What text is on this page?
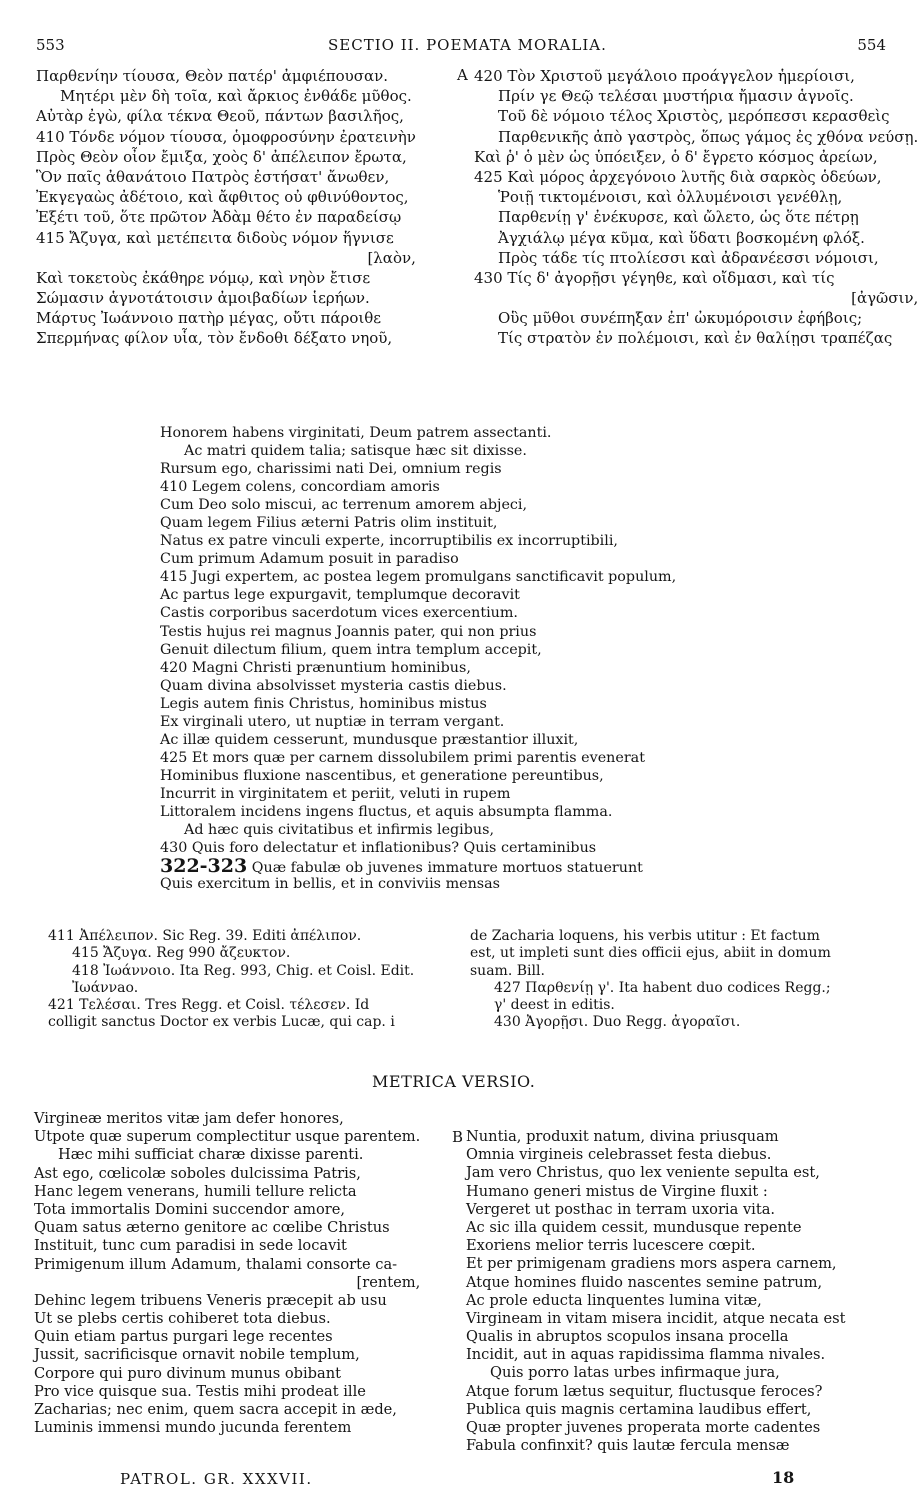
553	SECTIO II. POEMATA MORALIA.	554
Παρθενίην τίουσα, Θεὸν πατέρ' ἀμφιέπουσαν.
Μητέρι μὲν δὴ τοῖα, καὶ ἄρκιος ἐνθάδε μῦθος.
Αὐτὰρ ἐγὼ, φίλα τέκνα Θεοῦ, πάντων βασιλῆος,
410 Τόνδε νόμον τίουσα, ὁμοφροσύνην ἐρατεινὴν
Πρὸς Θεὸν οἶον ἔμιξα, χοὸς δ' ἀπέλειπον ἔρωτα,
Ὃν παῖς ἀθανάτοιο Πατρὸς ἐστήσατ' ἄνωθεν,
Ἐκγεγαὼς ἀδέτοιο, καὶ ἄφθιτος οὐ φθινύθοντος,
Ἐξέτι τοῦ, ὅτε πρῶτον Ἀδὰμ θέτο ἐν παραδείσῳ
415 Ἄζυγα, καὶ μετέπειτα διδοὺς νόμον ἥγνισε
[λαὸν,
Καὶ τοκετοὺς ἐκάθηρε νόμῳ, καὶ νηὸν ἔτισε
Σώμασιν ἁγνοτάτοισιν ἀμοιβαδίων ἱερήων.
Μάρτυς Ἰωάννοιο πατὴρ μέγας, οὔτι πάροιθε
Σπερμήνας φίλον υἷα, τὸν ἔνδοθι δέξατο νηοῦ,
A 420 Τὸν Χριστοῦ μεγάλοιο προάγγελον ἡμερίοισι,
Πρίν γε Θεῷ τελέσαι μυστήρια ἤμασιν ἁγνοῖς.
Τοῦ δὲ νόμοιο τέλος Χριστὸς, μερόπεσσι κερασθεὶς
Παρθενικῆς ἀπὸ γαστρὸς, ὅπως γάμος ἐς χθόνα νεύσῃ.
Καὶ ῥ' ὁ μὲν ὡς ὑπόειξεν, ὁ δ' ἔγρετο κόσμος ἀρείων,
425 Καὶ μόρος ἀρχεγόνοιο λυτῆς διὰ σαρκὸς ὁδεύων,
Ῥοιῇ τικτομένοισι, καὶ ὀλλυμένοισι γενέθλῃ,
Παρθενίῃ γ' ἐνέκυρσε, καὶ ὤλετο, ὡς ὅτε πέτρῃ
Ἀγχιάλῳ μέγα κῦμα, καὶ ὕδατι βοσκομένη φλόξ.
Πρὸς τάδε τίς πτολίεσσι καὶ ἀδρανέεσσι νόμοισι,
430 Τίς δ' ἀγορῇσι γέγηθε, καὶ οἴδμασι, καὶ τίς
[ἀγῶσιν,
Οὓς μῦθοι συνέπηξαν ἐπ' ὠκυμόροισιν ἐφήβοις;
Τίς στρατὸν ἐν πολέμοισι, καὶ ἐν θαλίῃσι τραπέζας
Honorem habens virginitati, Deum patrem assectanti.
Ac matri quidem talia; satisque hæc sit dixisse.
Rursum ego, charissimi nati Dei, omnium regis
410 Legem colens, concordiam amoris
Cum Deo solo miscui, ac terrenum amorem abjeci,
Quam legem Filius æterni Patris olim instituit,
Natus ex patre vinculi experte, incorruptibilis ex incorruptibili,
Cum primum Adamum posuit in paradiso
415 Jugi expertem, ac postea legem promulgans sanctificavit populum,
Ac partus lege expurgavit, templumque decoravit
Castis corporibus sacerdotum vices exercentium.
Testis hujus rei magnus Joannis pater, qui non prius
Genuit dilectum filium, quem intra templum accepit,
420 Magni Christi prænuntium hominibus,
Quam divina absolvisset mysteria castis diebus.
Legis autem finis Christus, hominibus mistus
Ex virginali utero, ut nuptiæ in terram vergant.
Ac illæ quidem cesserunt, mundusque præstantior illuxit,
425 Et mors quæ per carnem dissolubilem primi parentis evenerat
Hominibus fluxione nascentibus, et generatione pereuntibus,
Incurrit in virginitatem et periit, veluti in rupem
Littoralem incidens ingens fluctus, et aquis absumpta flamma.
Ad hæc quis civitatibus et infirmis legibus,
430 Quis foro delectatur et inflationibus? Quis certaminibus
322-323 Quæ fabulæ ob juvenes immature mortuos statuerunt
Quis exercitum in bellis, et in conviviis mensas
411 Ἀπέλειπον. Sic Reg. 39. Editi ἀπέλιπον.
415 Ἄζυγα. Reg 990 ἄζευκτον.
418 Ἰωάννοιο. Ita Reg. 993, Chig. et Coisl. Edit.
Ἰωάννao.
421 Τελέσαι. Tres Regg. et Coisl. τέλεσεν. Id
colligit sanctus Doctor ex verbis Lucæ, qui cap. i
de Zacharia loquens, his verbis utitur : Et factum
est, ut impleti sunt dies officii ejus, abiit in domum
suam. Bill.
427 Παρθενίῃ γ'. Ita habent duo codices Regg.;
γ' deest in editis.
430 Ἀγορῇσι. Duo Regg. ἀγοραῖσι.
METRICA VERSIO.
Virgineæ meritos vitæ jam defer honores,
Utpote quæ superum complectitur usque parentem.
Hæc mihi sufficiat charæ dixisse parenti.
Ast ego, cœlicolæ soboles dulcissima Patris,
Hanc legem venerans, humili tellure relicta
Tota immortalis Domini succendor amore,
Quam satus æterno genitore ac cœlibe Christus
Instituit, tunc cum paradisi in sede locavit
Primigenum illum Adamum, thalami consorte ca-
[rentem,
Dehinc legem tribuens Veneris præcepit ab usu
Ut se plebs certis cohiberet tota diebus.
Quin etiam partus purgari lege recentes
Jussit, sacrificisque ornavit nobile templum,
Corpore qui puro divinum munus obibant
Pro vice quisque sua. Testis mihi prodeat ille
Zacharias; nec enim, quem sacra accepit in æde,
Luminis immensi mundo jucunda ferentem
B Nuntia, produxit natum, divina priusquam
Omnia virgineis celebrasset festa diebus.
Jam vero Christus, quo lex veniente sepulta est,
Humano generi mistus de Virgine fluxit :
Vergeret ut posthac in terram uxoria vita.
Ac sic illa quidem cessit, mundusque repente
Exoriens melior terris lucescere cœpit.
Et per primigenam gradiens mors aspera carnem,
Atque homines fluido nascentes semine patrum,
Ac prole educta linquentes lumina vitæ,
Virgineam in vitam misera incidit, atque necata est
Qualis in abruptos scopulos insana procella
Incidit, aut in aquas rapidissima flamma nivales.
Quis porro latas urbes infirmaque jura,
Atque forum lætus sequitur, fluctusque feroces?
Publica quis magnis certamina laudibus effert,
Quæ propter juvenes properata morte cadentes
Fabula confinxit? quis lautæ fercula mensæ
PATROL. GR. XXXVII.	18
